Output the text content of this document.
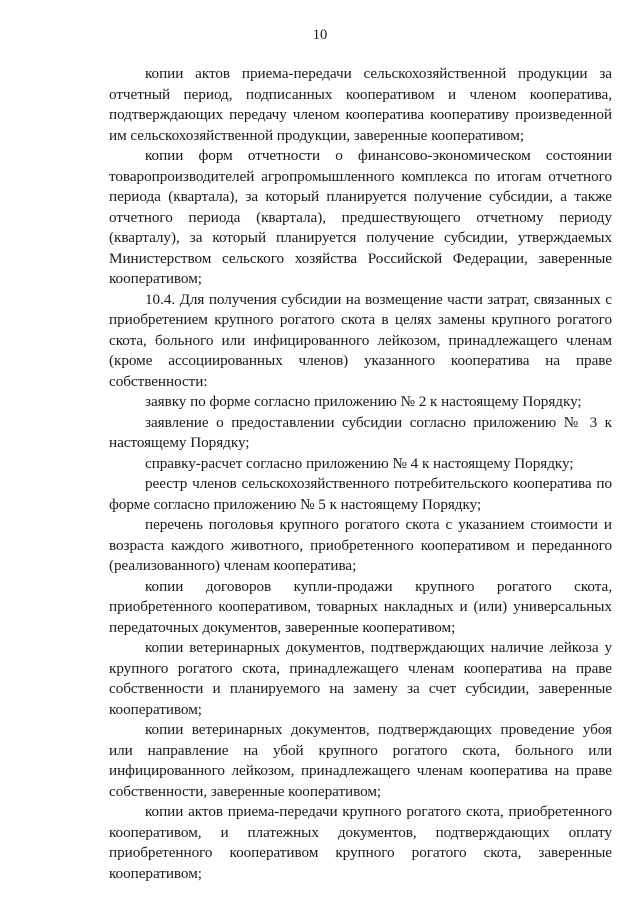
10

копии актов приема-передачи сельскохозяйственной продукции за отчетный период, подписанных кооперативом и членом кооператива, подтверждающих передачу членом кооператива кооперативу произведенной им сельскохозяйственной продукции, заверенные кооперативом;

копии форм отчетности о финансово-экономическом состоянии товаропроизводителей агропромышленного комплекса по итогам отчетного периода (квартала), за который планируется получение субсидии, а также отчетного периода (квартала), предшествующего отчетному периоду (кварталу), за который планируется получение субсидии, утверждаемых Министерством сельского хозяйства Российской Федерации, заверенные кооперативом;

10.4. Для получения субсидии на возмещение части затрат, связанных с приобретением крупного рогатого скота в целях замены крупного рогатого скота, больного или инфицированного лейкозом, принадлежащего членам (кроме ассоциированных членов) указанного кооператива на праве собственности:

заявку по форме согласно приложению № 2 к настоящему Порядку;

заявление о предоставлении субсидии согласно приложению № 3 к настоящему Порядку;

справку-расчет согласно приложению № 4 к настоящему Порядку;

реестр членов сельскохозяйственного потребительского кооператива по форме согласно приложению № 5 к настоящему Порядку;

перечень поголовья крупного рогатого скота с указанием стоимости и возраста каждого животного, приобретенного кооперативом и переданного (реализованного) членам кооператива;

копии договоров купли-продажи крупного рогатого скота, приобретенного кооперативом, товарных накладных и (или) универсальных передаточных документов, заверенные кооперативом;

копии ветеринарных документов, подтверждающих наличие лейкоза у крупного рогатого скота, принадлежащего членам кооператива на праве собственности и планируемого на замену за счет субсидии, заверенные кооперативом;

копии ветеринарных документов, подтверждающих проведение убоя или направление на убой крупного рогатого скота, больного или инфицированного лейкозом, принадлежащего членам кооператива на праве собственности, заверенные кооперативом;

копии актов приема-передачи крупного рогатого скота, приобретенного кооперативом, и платежных документов, подтверждающих оплату приобретенного кооперативом крупного рогатого скота, заверенные кооперативом;
